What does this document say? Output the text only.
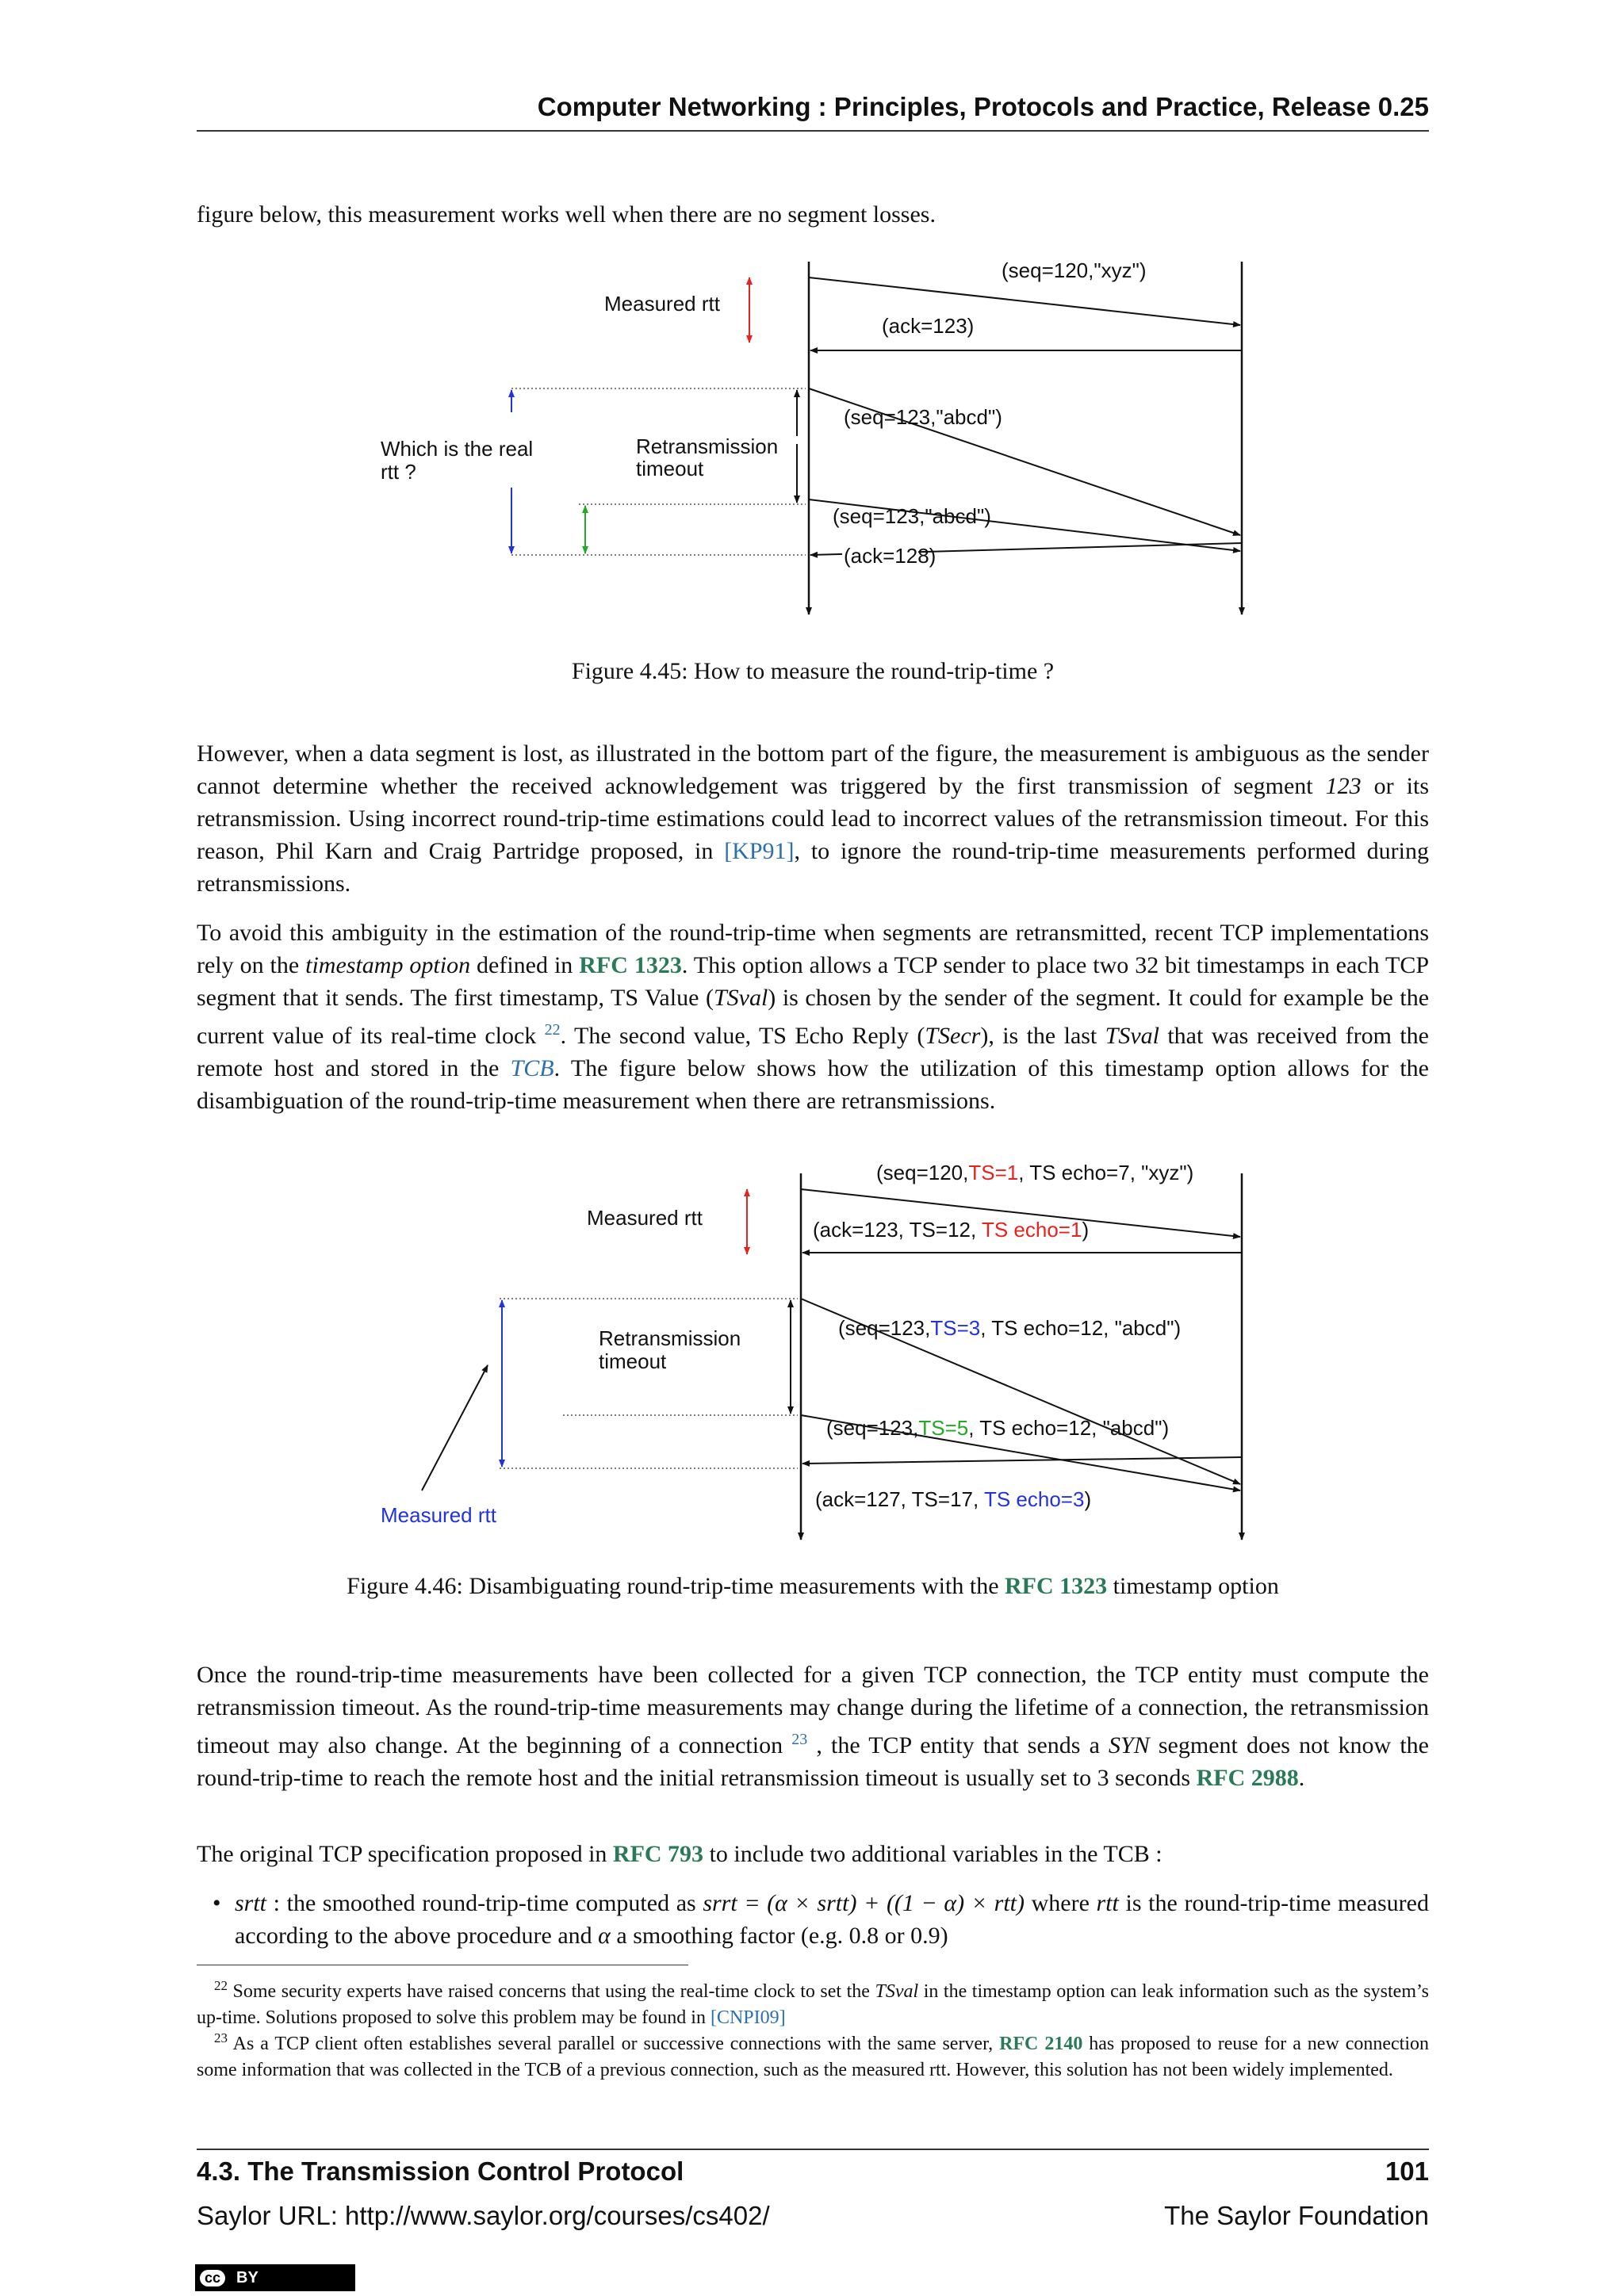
Computer Networking : Principles, Protocols and Practice, Release 0.25

figure below, this measurement works well when there are no segment losses.

Measured rtt
Which is the real
rtt ?
Retransmission
timeout
(seq=120,"xyz")
(ack=123)
(seq=123,"abcd")
(seq=123,"abcd")
(ack=128)
Figure 4.45: How to measure the round-trip-time ?

However, when a data segment is lost, as illustrated in the bottom part of the figure, the measurement is ambiguous as the sender cannot determine whether the received acknowledgement was triggered by the first transmission of segment 123 or its retransmission. Using incorrect round-trip-time estimations could lead to incorrect values of the retransmission timeout. For this reason, Phil Karn and Craig Partridge proposed, in [KP91], to ignore the round-trip-time measurements performed during retransmissions.

To avoid this ambiguity in the estimation of the round-trip-time when segments are retransmitted, recent TCP implementations rely on the timestamp option defined in RFC 1323. This option allows a TCP sender to place two 32 bit timestamps in each TCP segment that it sends. The first timestamp, TS Value (TSval) is chosen by the sender of the segment. It could for example be the current value of its real-time clock $^{22}$. The second value, TS Echo Reply (TSecr), is the last TSval that was received from the remote host and stored in the TCB. The figure below shows how the utilization of this timestamp option allows for the disambiguation of the round-trip-time measurement when there are retransmissions.

Measured rtt
Retransmission
timeout
Measured rtt
(seq=120,TS=1, TS echo=7, "xyz")
(ack=123, TS=12, TS echo=1)
(seq=123,TS=3, TS echo=12, "abcd")
(seq=123,TS=5, TS echo=12, "abcd")
(ack=127, TS=17, TS echo=3)
Figure 4.46: Disambiguating round-trip-time measurements with the RFC 1323 timestamp option

Once the round-trip-time measurements have been collected for a given TCP connection, the TCP entity must compute the retransmission timeout. As the round-trip-time measurements may change during the lifetime of a connection, the retransmission timeout may also change. At the beginning of a connection $^{23}$ , the TCP entity that sends a SYN segment does not know the round-trip-time to reach the remote host and the initial retransmission timeout is usually set to 3 seconds RFC 2988.

The original TCP specification proposed in RFC 793 to include two additional variables in the TCB :

• srtt : the smoothed round-trip-time computed as srrt = (α × srtt) + ((1 − α) × rtt) where rtt is the round-trip-time measured according to the above procedure and α a smoothing factor (e.g. 0.8 or 0.9)

$^{22}$ Some security experts have raised concerns that using the real-time clock to set the TSval in the timestamp option can leak information such as the system’s up-time. Solutions proposed to solve this problem may be found in [CNPI09]

$^{23}$ As a TCP client often establishes several parallel or successive connections with the same server, RFC 2140 has proposed to reuse for a new connection some information that was collected in the TCB of a previous connection, such as the measured rtt. However, this solution has not been widely implemented.

4.3. The Transmission Control Protocol	101
Saylor URL: http://www.saylor.org/courses/cs402/	The Saylor Foundation
cc	BY
